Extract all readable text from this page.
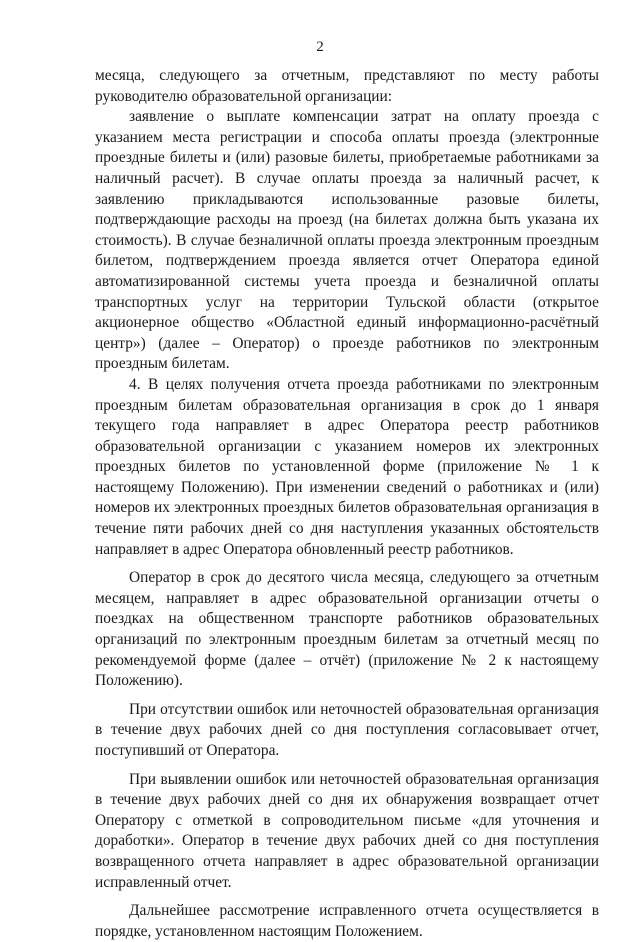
2

месяца, следующего за отчетным, представляют по месту работы руководителю образовательной организации:

заявление о выплате компенсации затрат на оплату проезда с указанием места регистрации и способа оплаты проезда (электронные проездные билеты и (или) разовые билеты, приобретаемые работниками за наличный расчет). В случае оплаты проезда за наличный расчет, к заявлению прикладываются использованные разовые билеты, подтверждающие расходы на проезд (на билетах должна быть указана их стоимость). В случае безналичной оплаты проезда электронным проездным билетом, подтверждением проезда является отчет Оператора единой автоматизированной системы учета проезда и безналичной оплаты транспортных услуг на территории Тульской области (открытое акционерное общество «Областной единый информационно-расчётный центр») (далее – Оператор) о проезде работников по электронным проездным билетам.

4. В целях получения отчета проезда работниками по электронным проездным билетам образовательная организация в срок до 1 января текущего года направляет в адрес Оператора реестр работников образовательной организации с указанием номеров их электронных проездных билетов по установленной форме (приложение № 1 к настоящему Положению). При изменении сведений о работниках и (или) номеров их электронных проездных билетов образовательная организация в течение пяти рабочих дней со дня наступления указанных обстоятельств направляет в адрес Оператора обновленный реестр работников.

Оператор в срок до десятого числа месяца, следующего за отчетным месяцем, направляет в адрес образовательной организации отчеты о поездках на общественном транспорте работников образовательных организаций по электронным проездным билетам за отчетный месяц по рекомендуемой форме (далее – отчёт) (приложение № 2 к настоящему Положению).

При отсутствии ошибок или неточностей образовательная организация в течение двух рабочих дней со дня поступления согласовывает отчет, поступивший от Оператора.

При выявлении ошибок или неточностей образовательная организация в течение двух рабочих дней со дня их обнаружения возвращает отчет Оператору с отметкой в сопроводительном письме «для уточнения и доработки». Оператор в течение двух рабочих дней со дня поступления возвращенного отчета направляет в адрес образовательной организации исправленный отчет.

Дальнейшее рассмотрение исправленного отчета осуществляется в порядке, установленном настоящим Положением.
